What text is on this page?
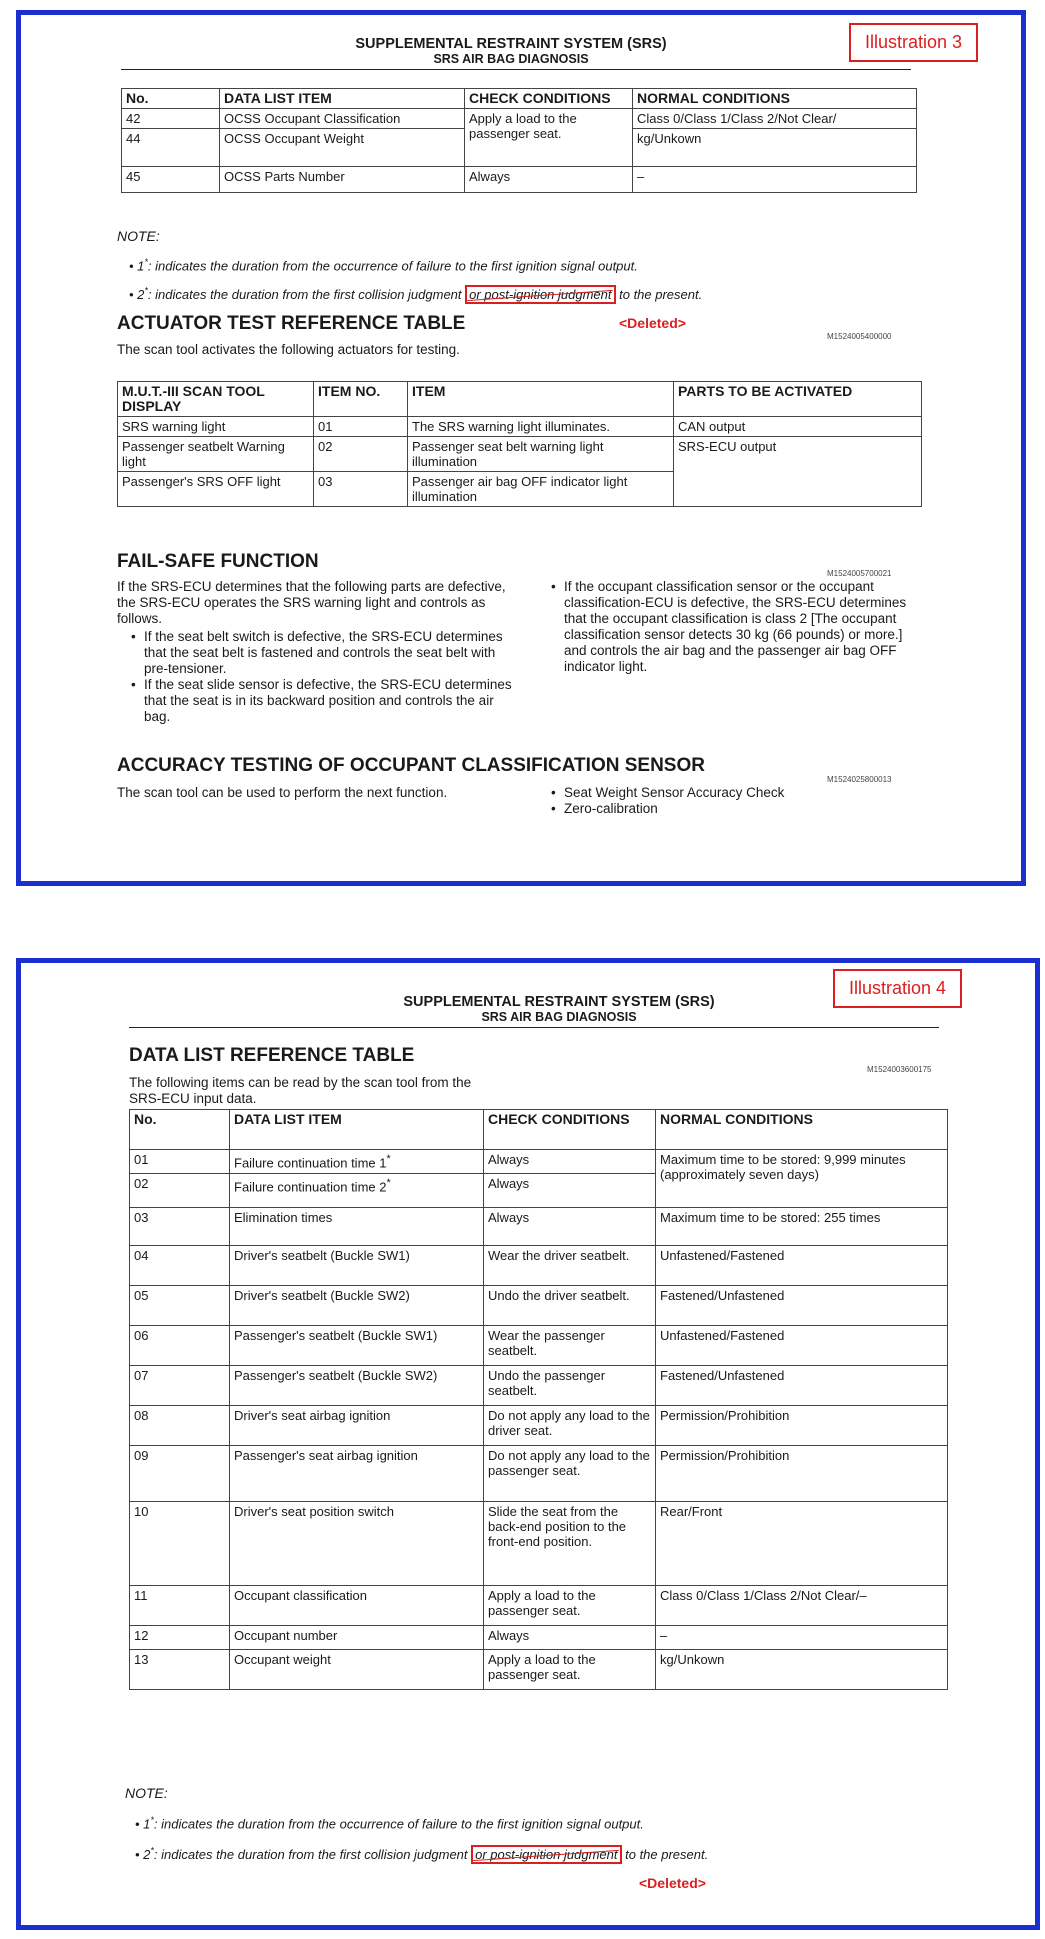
Illustration 3
SUPPLEMENTAL RESTRAINT SYSTEM (SRS)
SRS AIR BAG DIAGNOSIS
No.	DATA LIST ITEM	CHECK CONDITIONS	NORMAL CONDITIONS
42	OCSS Occupant Classification	Apply a load to the passenger seat.	Class 0/Class 1/Class 2/Not Clear/
44	OCSS Occupant Weight		kg/Unkown
45	OCSS Parts Number	Always	–
NOTE:
• 1*: indicates the duration from the occurrence of failure to the first ignition signal output.
• 2*: indicates the duration from the first collision judgment or post-ignition judgment to the present.
<Deleted>
ACTUATOR TEST REFERENCE TABLE
M1524005400000
The scan tool activates the following actuators for testing.
M.U.T.-III SCAN TOOL DISPLAY	ITEM NO.	ITEM	PARTS TO BE ACTIVATED
SRS warning light	01	The SRS warning light illuminates.	CAN output
Passenger seatbelt Warning light	02	Passenger seat belt warning light illumination	SRS-ECU output
Passenger's SRS OFF light	03	Passenger air bag OFF indicator light illumination	
FAIL-SAFE FUNCTION
M1524005700021
If the SRS-ECU determines that the following parts are defective, the SRS-ECU operates the SRS warning light and controls as follows.
• If the seat belt switch is defective, the SRS-ECU determines that the seat belt is fastened and controls the seat belt with pre-tensioner.
• If the seat slide sensor is defective, the SRS-ECU determines that the seat is in its backward position and controls the air bag.
• If the occupant classification sensor or the occupant classification-ECU is defective, the SRS-ECU determines that the occupant classification is class 2 [The occupant classification sensor detects 30 kg (66 pounds) or more.] and controls the air bag and the passenger air bag OFF indicator light.
ACCURACY TESTING OF OCCUPANT CLASSIFICATION SENSOR
M1524025800013
The scan tool can be used to perform the next function.	• Seat Weight Sensor Accuracy Check
• Zero-calibration
Illustration 4
SUPPLEMENTAL RESTRAINT SYSTEM (SRS)
SRS AIR BAG DIAGNOSIS
DATA LIST REFERENCE TABLE
M1524003600175
The following items can be read by the scan tool from the SRS-ECU input data.
No.	DATA LIST ITEM	CHECK CONDITIONS	NORMAL CONDITIONS
01	Failure continuation time 1*	Always	Maximum time to be stored: 9,999 minutes (approximately seven days)
02	Failure continuation time 2*	Always	
03	Elimination times	Always	Maximum time to be stored: 255 times
04	Driver's seatbelt (Buckle SW1)	Wear the driver seatbelt.	Unfastened/Fastened
05	Driver's seatbelt (Buckle SW2)	Undo the driver seatbelt.	Fastened/Unfastened
06	Passenger's seatbelt (Buckle SW1)	Wear the passenger seatbelt.	Unfastened/Fastened
07	Passenger's seatbelt (Buckle SW2)	Undo the passenger seatbelt.	Fastened/Unfastened
08	Driver's seat airbag ignition	Do not apply any load to the driver seat.	Permission/Prohibition
09	Passenger's seat airbag ignition	Do not apply any load to the passenger seat.	Permission/Prohibition
10	Driver's seat position switch	Slide the seat from the back-end position to the front-end position.	Rear/Front
11	Occupant classification	Apply a load to the passenger seat.	Class 0/Class 1/Class 2/Not Clear/–
12	Occupant number	Always	–
13	Occupant weight	Apply a load to the passenger seat.	kg/Unkown
NOTE:
• 1*: indicates the duration from the occurrence of failure to the first ignition signal output.
• 2*: indicates the duration from the first collision judgment or post-ignition judgment to the present.
<Deleted>
